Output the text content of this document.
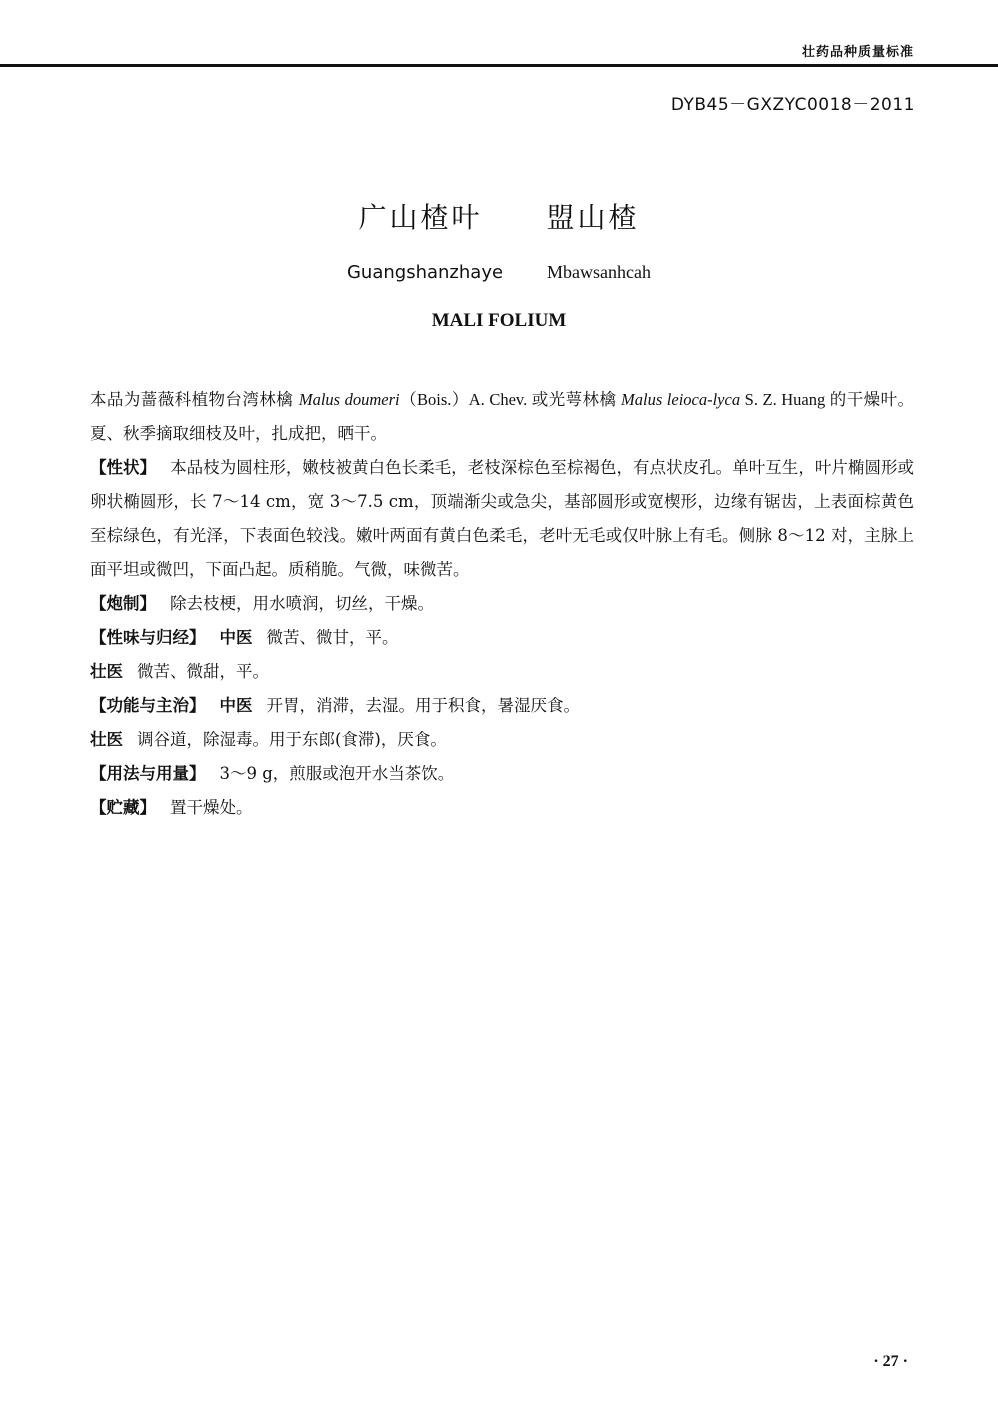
壮药品种质量标准
DYB45－GXZYC0018－2011
广山楂叶 盟山楂
Guangshanzhaye Mbawsanhcah
MALI FOLIUM

本品为蔷薇科植物台湾林檎 Malus doumeri（Bois.）A. Chev. 或光萼林檎 Malus leioca-lyca S. Z. Huang 的干燥叶。夏、秋季摘取细枝及叶，扎成把，晒干。

【性状】 本品枝为圆柱形，嫩枝被黄白色长柔毛，老枝深棕色至棕褐色，有点状皮孔。单叶互生，叶片椭圆形或卵状椭圆形，长 7～14 cm，宽 3～7.5 cm，顶端渐尖或急尖，基部圆形或宽楔形，边缘有锯齿，上表面棕黄色至棕绿色，有光泽，下表面色较浅。嫩叶两面有黄白色柔毛，老叶无毛或仅叶脉上有毛。侧脉 8～12 对，主脉上面平坦或微凹，下面凸起。质稍脆。气微，味微苦。

【炮制】 除去枝梗，用水喷润，切丝，干燥。

【性味与归经】 中医 微苦、微甘，平。

壮医 微苦、微甜，平。

【功能与主治】 中医 开胃，消滞，去湿。用于积食，暑湿厌食。

壮医 调谷道，除湿毒。用于东郎(食滞)，厌食。

【用法与用量】 3～9 g，煎服或泡开水当茶饮。

【贮藏】 置干燥处。

· 27 ·
